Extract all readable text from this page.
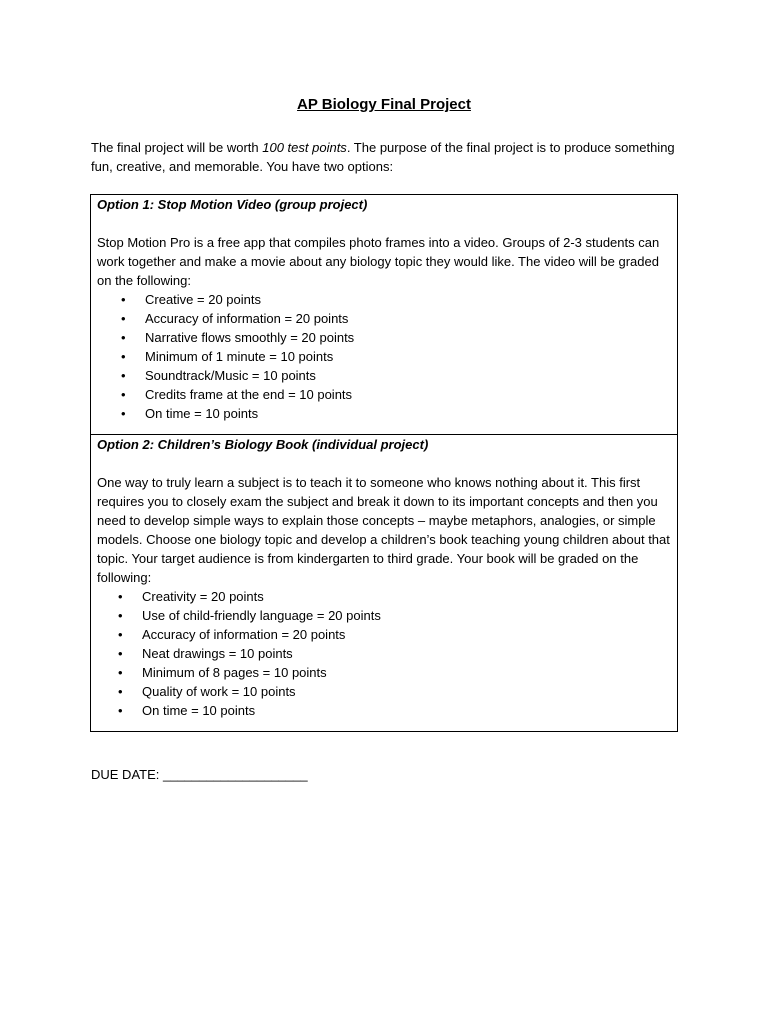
AP Biology Final Project
The final project will be worth 100 test points. The purpose of the final project is to produce something fun, creative, and memorable. You have two options:
Option 1: Stop Motion Video (group project)
Stop Motion Pro is a free app that compiles photo frames into a video. Groups of 2-3 students can work together and make a movie about any biology topic they would like. The video will be graded on the following:
• Creative = 20 points
• Accuracy of information = 20 points
• Narrative flows smoothly = 20 points
• Minimum of 1 minute = 10 points
• Soundtrack/Music = 10 points
• Credits frame at the end = 10 points
• On time = 10 points

Option 2: Children’s Biology Book (individual project)
One way to truly learn a subject is to teach it to someone who knows nothing about it. This first requires you to closely exam the subject and break it down to its important concepts and then you need to develop simple ways to explain those concepts – maybe metaphors, analogies, or simple models. Choose one biology topic and develop a children’s book teaching young children about that topic. Your target audience is from kindergarten to third grade. Your book will be graded on the following:
• Creativity = 20 points
• Use of child-friendly language = 20 points
• Accuracy of information = 20 points
• Neat drawings = 10 points
• Minimum of 8 pages = 10 points
• Quality of work = 10 points
• On time = 10 points
DUE DATE: ____________________
